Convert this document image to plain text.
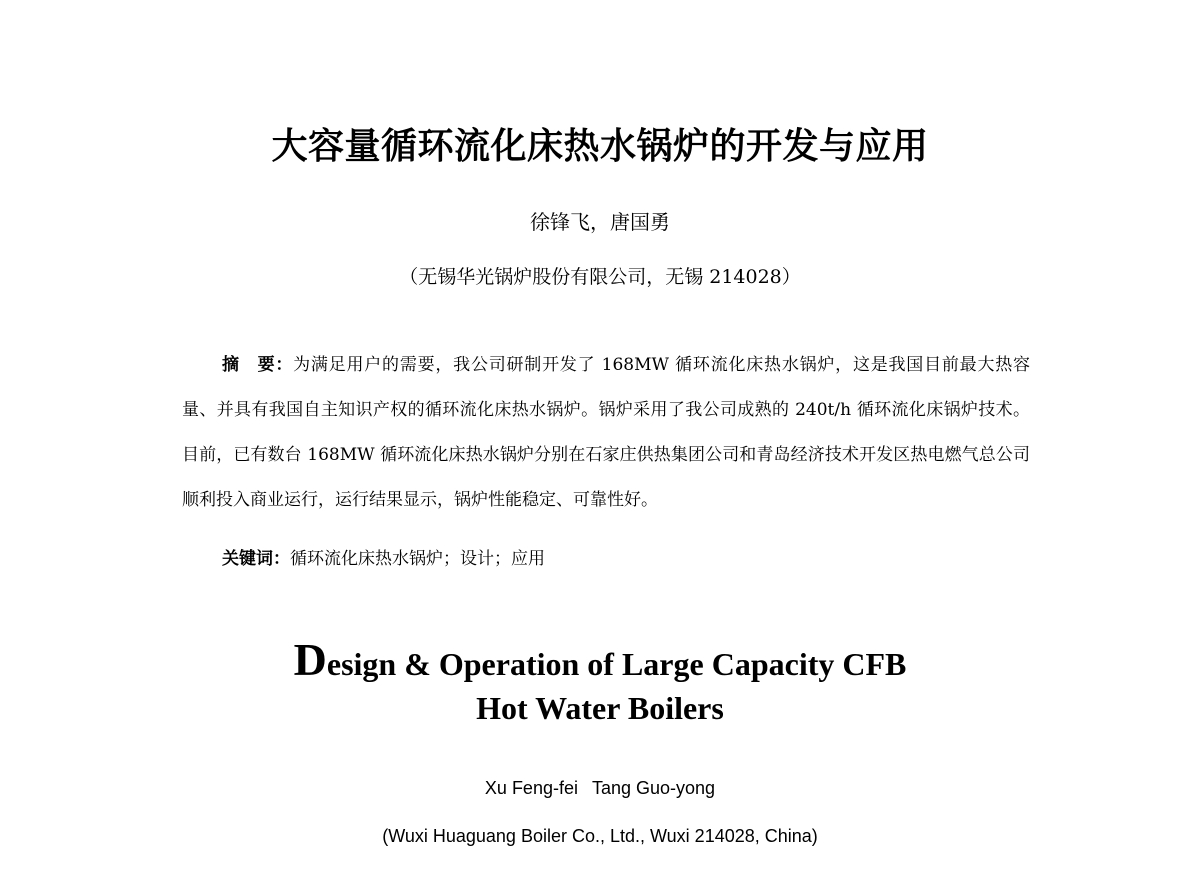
大容量循环流化床热水锅炉的开发与应用
徐锋飞，唐国勇
（无锡华光锅炉股份有限公司，无锡 214028）
摘　要：为满足用户的需要，我公司研制开发了 168MW 循环流化床热水锅炉，这是我国目前最大热容量、并具有我国自主知识产权的循环流化床热水锅炉。锅炉采用了我公司成熟的 240t/h 循环流化床锅炉技术。目前，已有数台 168MW 循环流化床热水锅炉分别在石家庄供热集团公司和青岛经济技术开发区热电燃气总公司顺利投入商业运行，运行结果显示，锅炉性能稳定、可靠性好。
关键词：循环流化床热水锅炉；设计；应用
Design & Operation of Large Capacity CFB
Hot Water Boilers
Xu Feng-fei Tang Guo-yong
(Wuxi Huaguang Boiler Co., Ltd., Wuxi 214028, China)
